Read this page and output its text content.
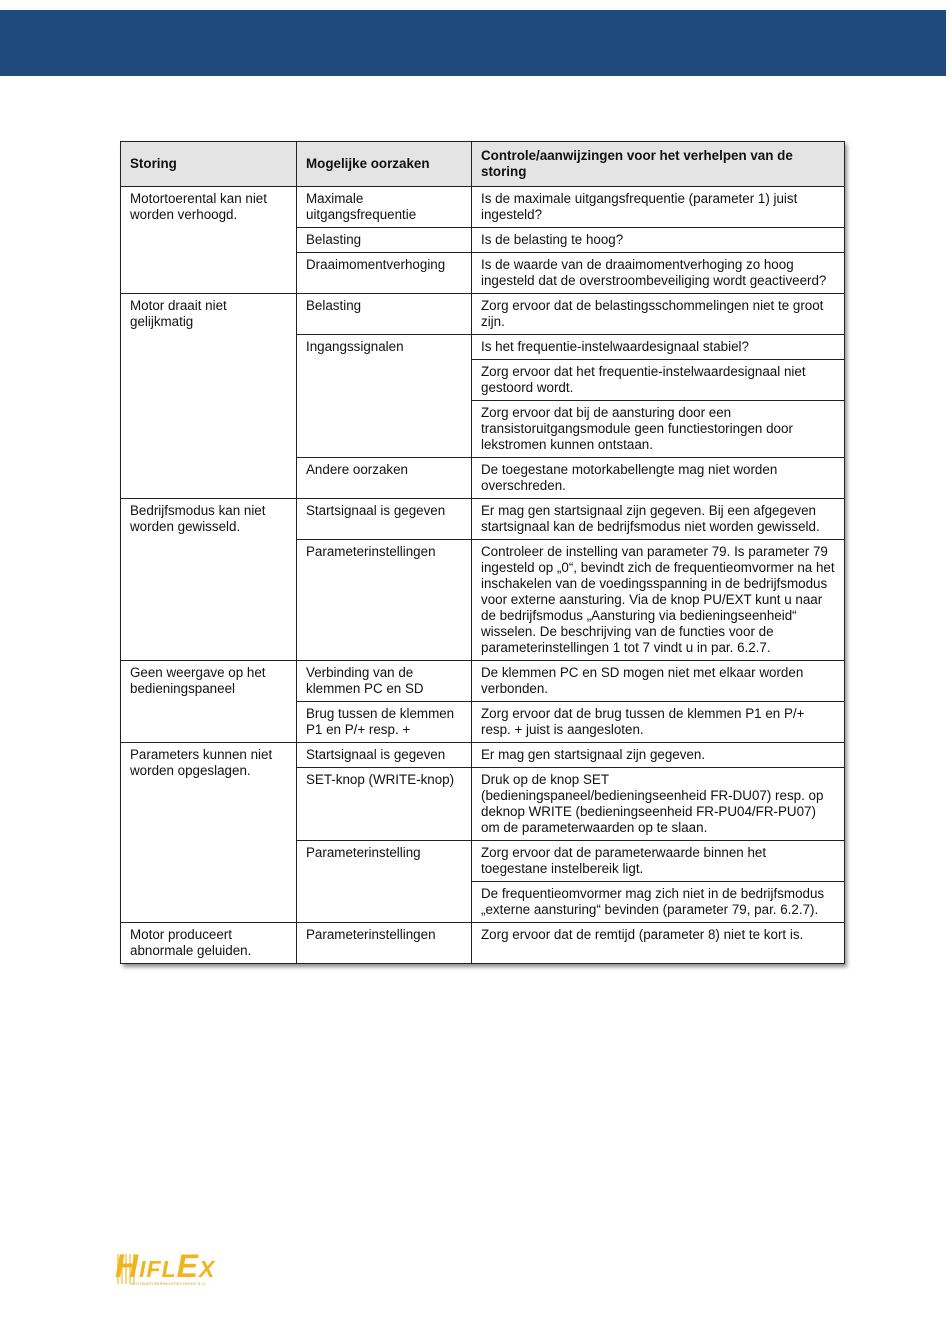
Storing	Mogelijke oorzaken	Controle/aanwijzingen voor het verhelpen van de storing
Motortoerental kan niet worden verhoogd.	Maximale uitgangsfrequentie	Is de maximale uitgangsfrequentie (parameter 1) juist ingesteld?
	Belasting	Is de belasting te hoog?
	Draaimomentverhoging	Is de waarde van de draaimomentverhoging zo hoog ingesteld dat de overstroombeveiliging wordt geactiveerd?
Motor draait niet gelijkmatig	Belasting	Zorg ervoor dat de belastingsschommelingen niet te groot zijn.
	Ingangssignalen	Is het frequentie-instelwaardesignaal stabiel?
		Zorg ervoor dat het frequentie-instelwaardesignaal niet gestoord wordt.
		Zorg ervoor dat bij de aansturing door een transistoruitgangsmodule geen functiestoringen door lekstromen kunnen ontstaan.
	Andere oorzaken	De toegestane motorkabellengte mag niet worden overschreden.
Bedrijfsmodus kan niet worden gewisseld.	Startsignaal is gegeven	Er mag gen startsignaal zijn gegeven. Bij een afgegeven startsignaal kan de bedrijfsmodus niet worden gewisseld.
	Parameterinstellingen	Controleer de instelling van parameter 79. Is parameter 79 ingesteld op „0“, bevindt zich de frequentieomvormer na het inschakelen van de voedingsspanning in de bedrijfsmodus voor externe aansturing. Via de knop PU/EXT kunt u naar de bedrijfsmodus „Aansturing via bedieningseenheid“ wisselen. De beschrijving van de functies voor de parameterinstellingen 1 tot 7 vindt u in par. 6.2.7.
Geen weergave op het bedieningspaneel	Verbinding van de klemmen PC en SD	De klemmen PC en SD mogen niet met elkaar worden verbonden.
	Brug tussen de klemmen P1 en P/+ resp. +	Zorg ervoor dat de brug tussen de klemmen P1 en P/+ resp. + juist is aangesloten.
Parameters kunnen niet worden opgeslagen.	Startsignaal is gegeven	Er mag gen startsignaal zijn gegeven.
	SET-knop (WRITE-knop)	Druk op de knop SET (bedieningspaneel/bedieningseenheid FR-DU07) resp. op deknop WRITE (bedieningseenheid FR-PU04/FR-PU07) om de parameterwaarden op te slaan.
	Parameterinstelling	Zorg ervoor dat de parameterwaarde binnen het toegestane instelbereik ligt.
		De frequentieomvormer mag zich niet in de bedrijfsmodus „externe aansturing“ bevinden (parameter 79, par. 6.2.7).
Motor produceert abnormale geluiden.	Parameterinstellingen	Zorg ervoor dat de remtijd (parameter 8) niet te kort is.
HIFLEX
AUTOMATISERINGSTECHNIEK B.V.
